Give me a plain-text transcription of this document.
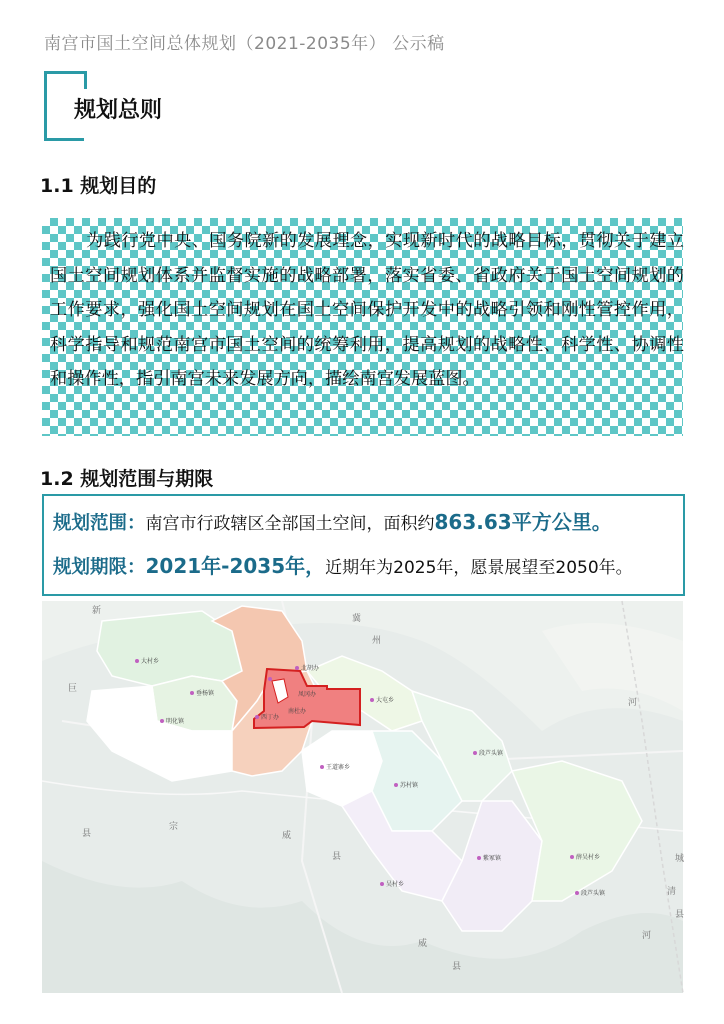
南宫市国土空间总体规划（2021-2035年） 公示稿
规划总则
1.1 规划目的
为践行党中央、国务院新的发展理念，实现新时代的战略目标，贯彻关于建立国土空间规划体系并监督实施的战略部署，落实省委、省政府关于国土空间规划的工作要求，强化国土空间规划在国土空间保护开发中的战略引领和刚性管控作用，科学指导和规范南宫市国土空间的统筹利用，提高规划的战略性、科学性、协调性和操作性，指引南宫未来发展方向，描绘南宫发展蓝图。
1.2 规划范围与期限
规划范围：南宫市行政辖区全部国土空间，面积约863.63平方公里。
规划期限：2021年-2035年，近期年为2025年，愿景展望至2050年。
新
巨
县
冀
州
宗
威
县
清
河
城
县
县
河
威
大村乡
垂杨镇
明化镇
北胡办
凤冈办
南杜办
西丁办
大屯乡
王道寨乡
苏村镇
段芦头镇
紫冢镇
吴村乡
薛吴村乡
段芦头镇
